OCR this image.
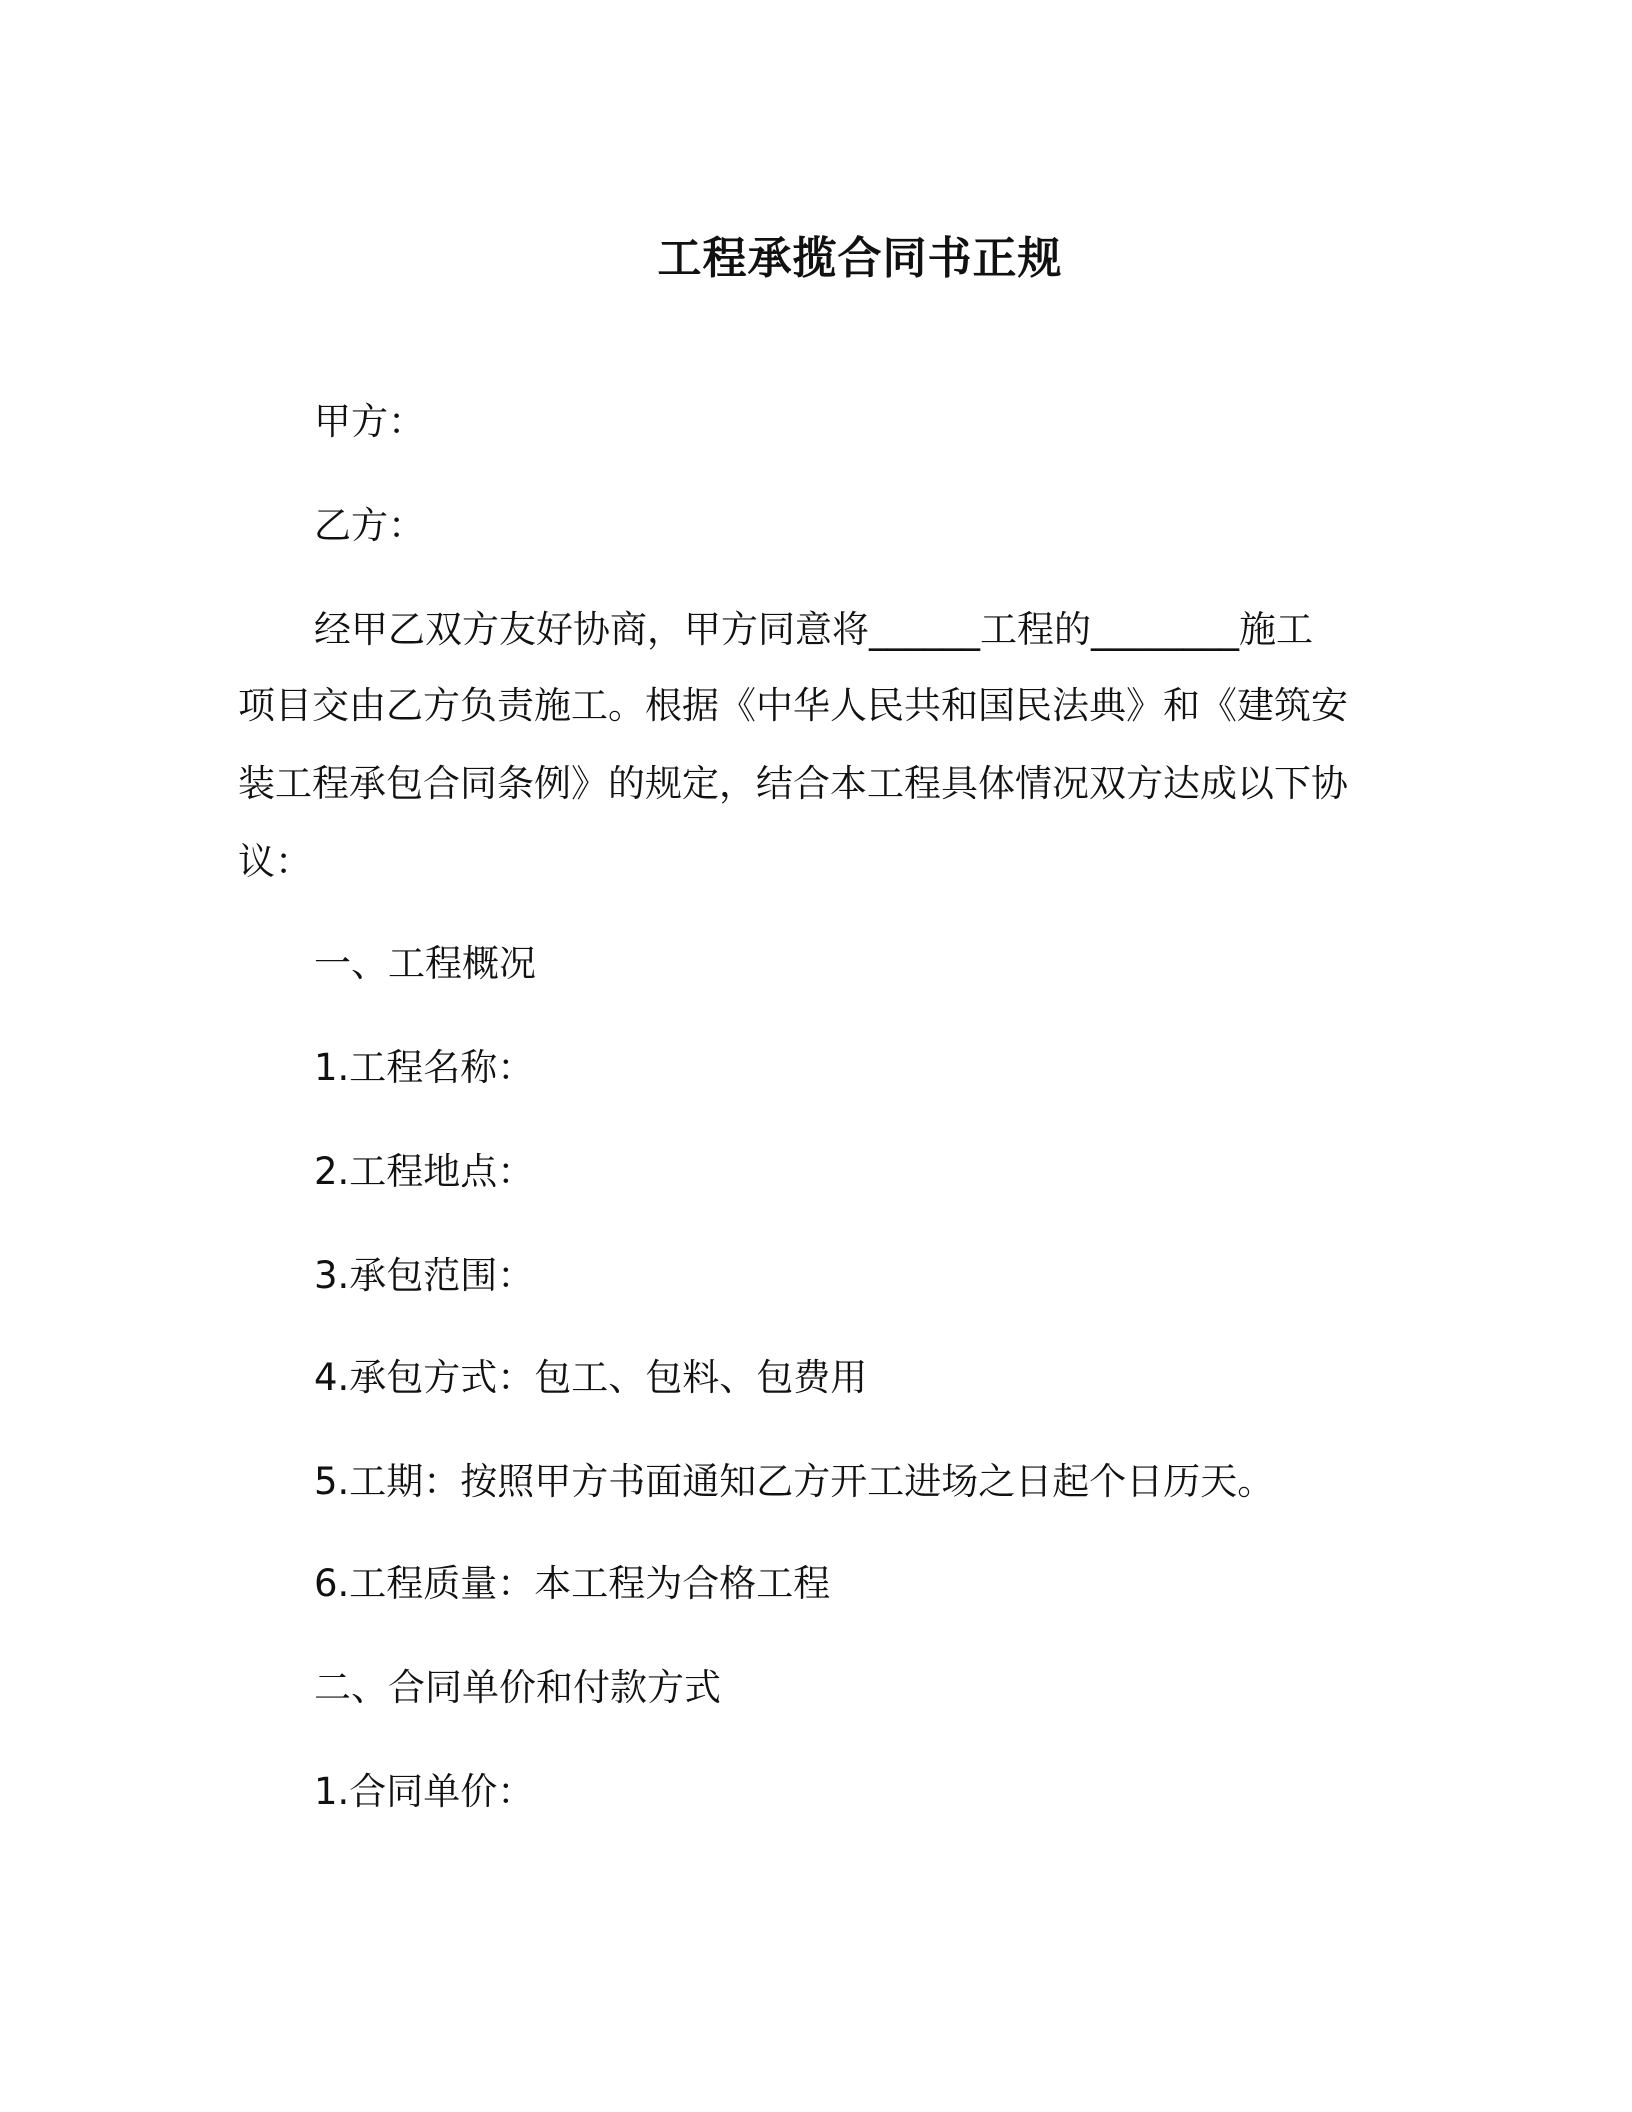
工程承揽合同书正规

甲方：

乙方：

经甲乙双方友好协商，甲方同意将______工程的________施工

项目交由乙方负责施工。根据《中华人民共和国民法典》和《建筑安

装工程承包合同条例》的规定，结合本工程具体情况双方达成以下协

议：

一、工程概况

1.工程名称：

2.工程地点：

3.承包范围：

4.承包方式：包工、包料、包费用

5.工期：按照甲方书面通知乙方开工进场之日起个日历天。

6.工程质量：本工程为合格工程

二、合同单价和付款方式

1.合同单价：
